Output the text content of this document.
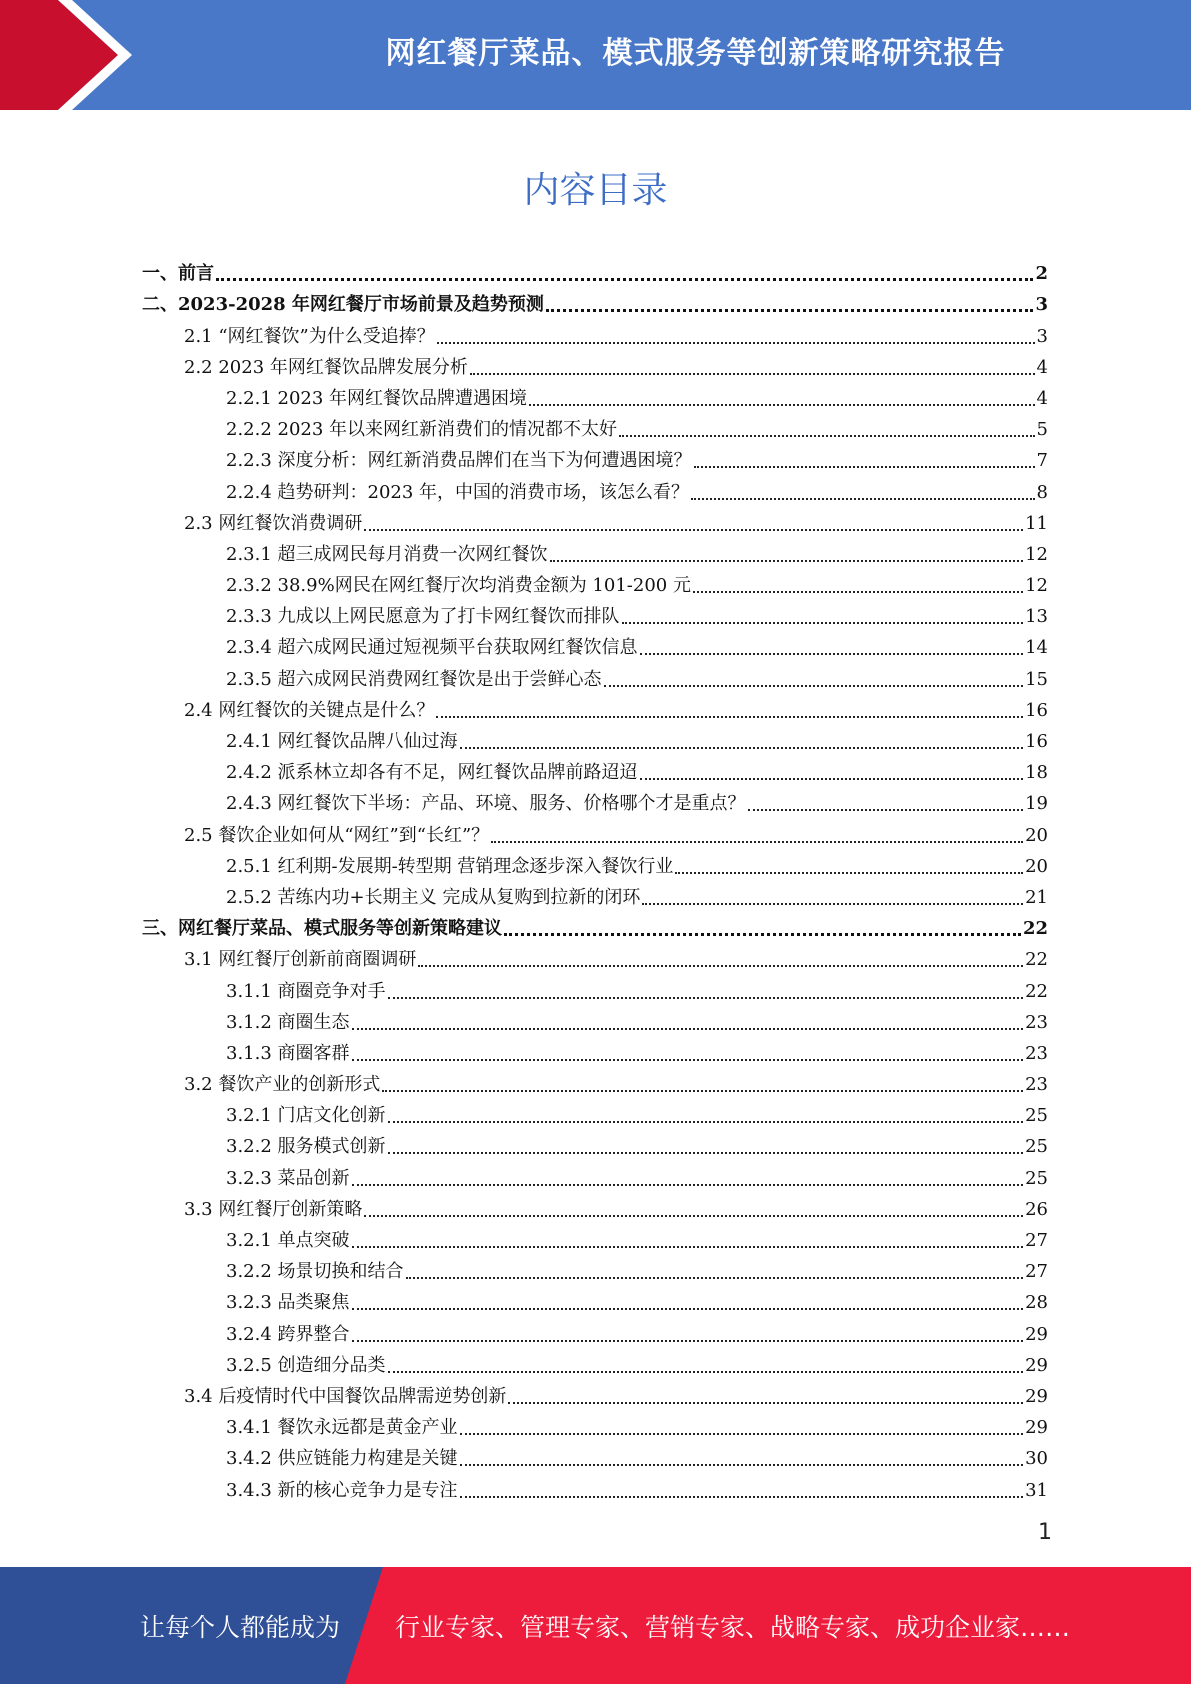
网红餐厅菜品、模式服务等创新策略研究报告
内容目录
一、前言	2
二、2023-2028 年网红餐厅市场前景及趋势预测	3
2.1 “网红餐饮”为什么受追捧？	3
2.2 2023 年网红餐饮品牌发展分析	4
2.2.1 2023 年网红餐饮品牌遭遇困境	4
2.2.2 2023 年以来网红新消费们的情况都不太好	5
2.2.3 深度分析：网红新消费品牌们在当下为何遭遇困境？	7
2.2.4 趋势研判：2023 年，中国的消费市场，该怎么看？	8
2.3 网红餐饮消费调研	11
2.3.1 超三成网民每月消费一次网红餐饮	12
2.3.2 38.9%网民在网红餐厅次均消费金额为 101-200 元	12
2.3.3 九成以上网民愿意为了打卡网红餐饮而排队	13
2.3.4 超六成网民通过短视频平台获取网红餐饮信息	14
2.3.5 超六成网民消费网红餐饮是出于尝鲜心态	15
2.4 网红餐饮的关键点是什么？	16
2.4.1 网红餐饮品牌八仙过海	16
2.4.2 派系林立却各有不足，网红餐饮品牌前路迢迢	18
2.4.3 网红餐饮下半场：产品、环境、服务、价格哪个才是重点？	19
2.5 餐饮企业如何从“网红”到“长红”？	20
2.5.1 红利期-发展期-转型期 营销理念逐步深入餐饮行业	20
2.5.2 苦练内功+长期主义 完成从复购到拉新的闭环	21
三、网红餐厅菜品、模式服务等创新策略建议	22
3.1 网红餐厅创新前商圈调研	22
3.1.1 商圈竞争对手	22
3.1.2 商圈生态	23
3.1.3 商圈客群	23
3.2 餐饮产业的创新形式	23
3.2.1 门店文化创新	25
3.2.2 服务模式创新	25
3.2.3 菜品创新	25
3.3 网红餐厅创新策略	26
3.2.1 单点突破	27
3.2.2 场景切换和结合	27
3.2.3 品类聚焦	28
3.2.4 跨界整合	29
3.2.5 创造细分品类	29
3.4 后疫情时代中国餐饮品牌需逆势创新	29
3.4.1 餐饮永远都是黄金产业	29
3.4.2 供应链能力构建是关键	30
3.4.3 新的核心竞争力是专注	31
1
让每个人都能成为 行业专家、管理专家、营销专家、战略专家、成功企业家……
